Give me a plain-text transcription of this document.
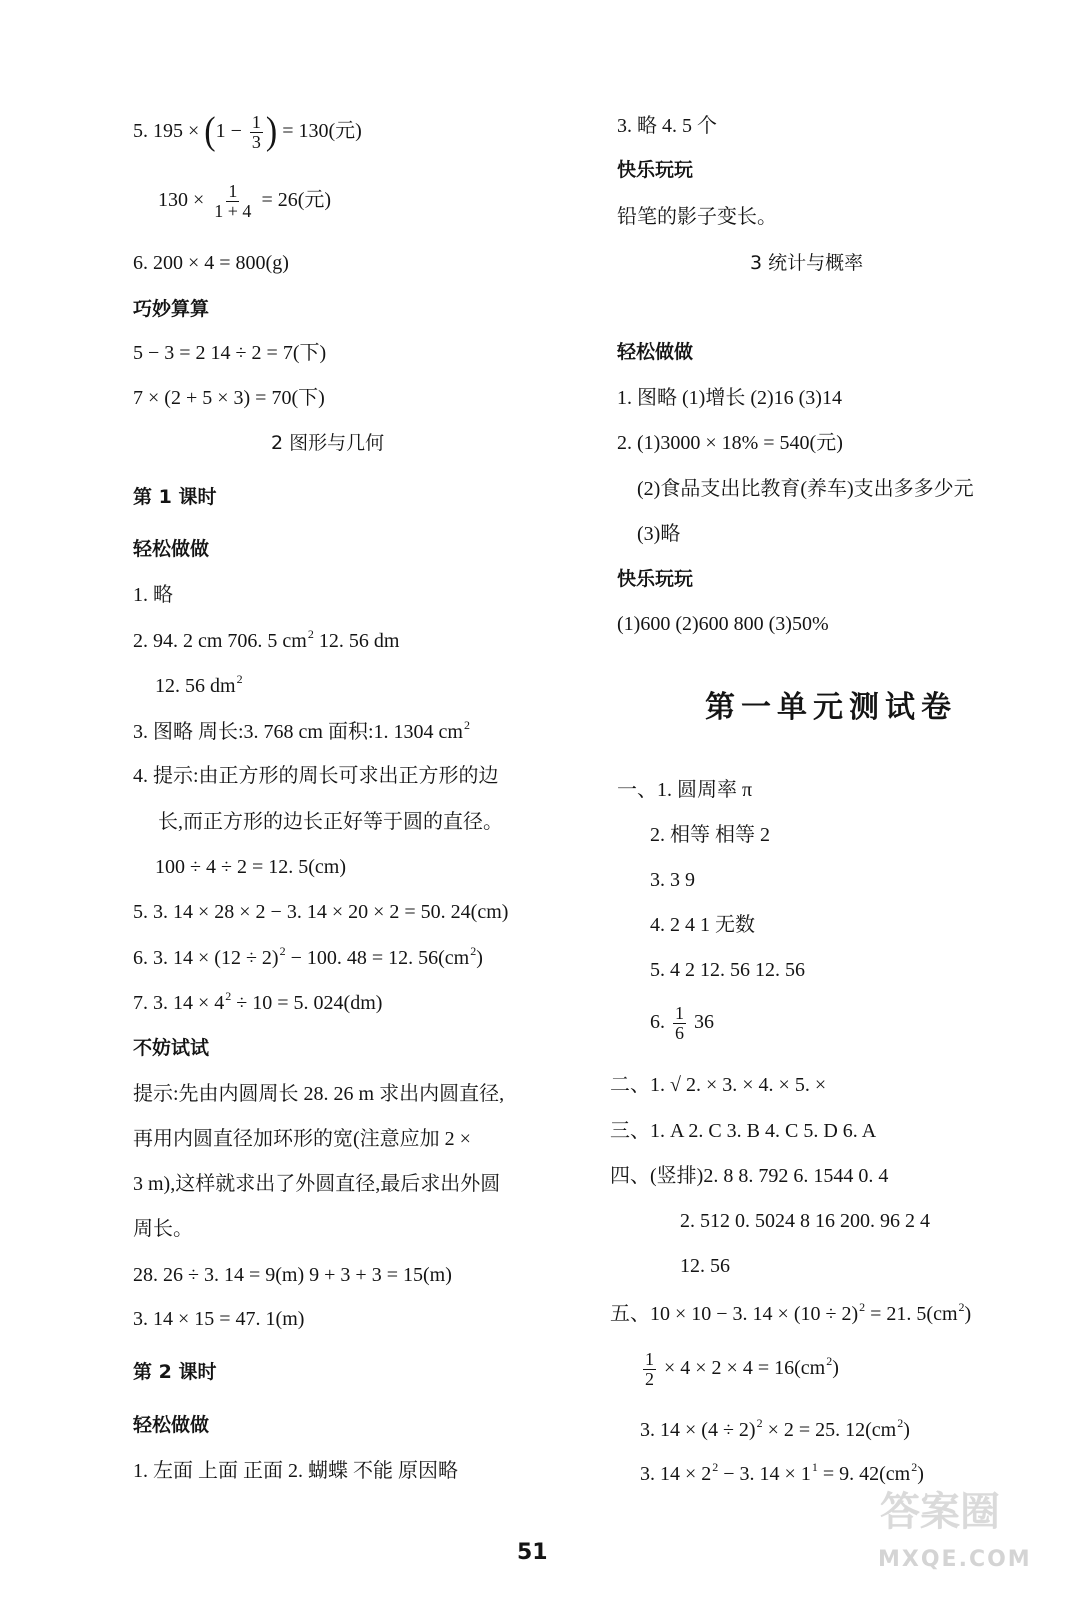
5. $195 \times (1 - \frac{1}{3}$ ) = 130(元)
$130 \times \frac{1}{1 + 4} = 26$(元)
6. 200 × 4 = 800(g)
巧妙算算
5 − 3 = 2 14 ÷ 2 = 7(下)
7 × (2 + 5 × 3) = 70(下)
2 图形与几何
第 1 课时
轻松做做
1. 略
2. 94. 2 cm 706. 5 $cm^2$ 12. 56 dm
12. 56 $dm^2$
3. 图略 周长:3. 768 cm 面积:1. 1304 $cm^2$
4. 提示:由正方形的周长可求出正方形的边
长,而正方形的边长正好等于圆的直径。
100 ÷ 4 ÷ 2 = 12. 5(cm)
5. 3. 14 × 28 × 2 − 3. 14 × 20 × 2 = 50. 24(cm)
6. 3. $14 \times (12 \div 2)^2 - 100$. 48 = 12. $56(cm^2)$
7. 3. $14 \times 4^2 \div 10 = 5$. 024(dm)
不妨试试
提示:先由内圆周长 28. 26 m 求出内圆直径,
再用内圆直径加环形的宽(注意应加 2 ×
3 m),这样就求出了外圆直径,最后求出外圆
周长。
28. 26 ÷ 3. 14 = 9(m) 9 + 3 + 3 = 15(m)
3. 14 × 15 = 47. 1(m)
第 2 课时
轻松做做
1. 左面 上面 正面 2. 蝴蝶 不能 原因略
3. 略 4. 5 个
快乐玩玩
铅笔的影子变长。
3 统计与概率
轻松做做
1. 图略 (1)增长 (2)16 (3)14
2. (1)3000 × 18% = 540(元)
(2)食品支出比教育(养车)支出多多少元
(3)略
快乐玩玩
(1)600 (2)600 800 (3)50%
第一单元测试卷
一、1. 圆周率 π
2. 相等 相等 2
3. 3 9
4. 2 4 1 无数
5. 4 2 12. 56 12. 56
6. $\frac{1}{6} 36$
二、1. √ 2. × 3. × 4. × 5. ×
三、1. A 2. C 3. B 4. C 5. D 6. A
四、(竖排)2. 8 8. 792 6. 1544 0. 4
2. 512 0. 5024 8 16 200. 96 2 4
12. 56
五、10 × 10 − 3. $14 \times (10 \div 2)^2 = 21$. $5(cm^2)$
$\frac{1}{2} \times 4 \times 2 \times 4 = 16(cm^2)$
3. $14 \times (4 \div 2)^2 \times 2 = 25$. $12(cm^2)$
3. $14 \times 2^2 - 3$. $14 \times 1^1 = 9$. $42(cm^2)$
51
答案圈
MXQE.COM
